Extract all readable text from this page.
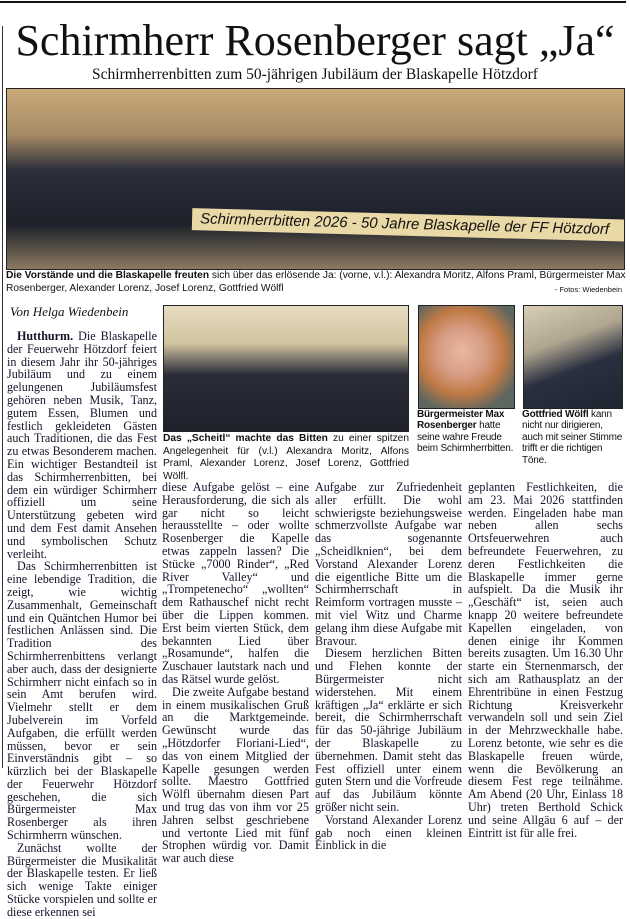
Schirmherr Rosenberger sagt „Ja“
Schirmherrenbitten zum 50-jährigen Jubiläum der Blaskapelle Hötzdorf
Schirmherrbitten 2026 - 50 Jahre Blaskapelle der FF Hötzdorf
Die Vorstände und die Blaskapelle freuten sich über das erlösende Ja: (vorne, v.l.): Alexandra Moritz, Alfons Praml, Bürgermeister Max Rosenberger, Alexander Lorenz, Josef Lorenz, Gottfried Wölfl	- Fotos: Wiedenbein
Von Helga Wiedenbein
Das „Scheitl“ machte das Bitten zu einer spitzen Angelegenheit für (v.l.) Alexandra Moritz, Alfons Praml, Alexander Lorenz, Josef Lorenz, Gottfried Wölfl.
Bürgermeister Max Rosenberger hatte seine wahre Freude beim Schirmherrbitten.
Gottfried Wölfl kann nicht nur dirigieren, auch mit seiner Stimme trifft er die richtigen Töne.

Hutthurm. Die Blaskapelle der Feuerwehr Hötzdorf feiert in diesem Jahr ihr 50-jähriges Jubiläum und zu einem gelungenen Jubiläumsfest gehören neben Musik, Tanz, gutem Essen, Blumen und festlich gekleideten Gästen auch Traditionen, die das Fest zu etwas Besonderem machen. Ein wichtiger Bestandteil ist das Schirmherrenbitten, bei dem ein würdiger Schirmherr offiziell um seine Unterstützung gebeten wird und dem Fest damit Ansehen und symbolischen Schutz verleiht.

Das Schirmherrenbitten ist eine lebendige Tradition, die zeigt, wie wichtig Zusammenhalt, Gemeinschaft und ein Quäntchen Humor bei festlichen Anlässen sind. Die Tradition des Schirmherrenbittens verlangt aber auch, dass der designierte Schirmherr nicht einfach so in sein Amt berufen wird. Vielmehr stellt er dem Jubelverein im Vorfeld Aufgaben, die erfüllt werden müssen, bevor er sein Einverständnis gibt – so kürzlich bei der Blaskapelle der Feuerwehr Hötzdorf geschehen, die sich Bürgermeister Max Rosenberger als ihren Schirmherrn wünschen.

Zunächst wollte der Bürgermeister die Musikalität der Blaskapelle testen. Er ließ sich wenige Takte einiger Stücke vorspielen und sollte er diese erkennen sei

diese Aufgabe gelöst – eine Herausforderung, die sich als gar nicht so leicht herausstellte – oder wollte Rosenberger die Kapelle etwas zappeln lassen? Die Stücke „7000 Rinder“, „Red River Valley“ und „Trompetenecho“ „wollten“ dem Rathauschef nicht recht über die Lippen kommen. Erst beim vierten Stück, dem bekannten Lied über „Rosamunde“, halfen die Zuschauer lautstark nach und das Rätsel wurde gelöst.

Die zweite Aufgabe bestand in einem musikalischen Gruß an die Marktgemeinde. Gewünscht wurde das „Hötzdorfer Floriani-Lied“, das von einem Mitglied der Kapelle gesungen werden sollte. Maestro Gottfried Wölfl übernahm diesen Part und trug das von ihm vor 25 Jahren selbst geschriebene und vertonte Lied mit fünf Strophen würdig vor. Damit war auch diese

Aufgabe zur Zufriedenheit aller erfüllt. Die wohl schwierigste beziehungsweise schmerzvollste Aufgabe war das sogenannte „Scheidlknien“, bei dem Vorstand Alexander Lorenz die eigentliche Bitte um die Schirmherrschaft in Reimform vortragen musste – mit viel Witz und Charme gelang ihm diese Aufgabe mit Bravour.

Diesem herzlichen Bitten und Flehen konnte der Bürgermeister nicht widerstehen. Mit einem kräftigen „Ja“ erklärte er sich bereit, die Schirmherrschaft für das 50-jährige Jubiläum der Blaskapelle zu übernehmen. Damit steht das Fest offiziell unter einem guten Stern und die Vorfreude auf das Jubiläum könnte größer nicht sein.

Vorstand Alexander Lorenz gab noch einen kleinen Einblick in die

geplanten Festlichkeiten, die am 23. Mai 2026 stattfinden werden. Eingeladen habe man neben allen sechs Ortsfeuerwehren auch befreundete Feuerwehren, zu deren Festlichkeiten die Blaskapelle immer gerne aufspielt. Da die Musik ihr „Geschäft“ ist, seien auch knapp 20 weitere befreundete Kapellen eingeladen, von denen einige ihr Kommen bereits zusagten. Um 16.30 Uhr starte ein Sternenmarsch, der sich am Rathausplatz an der Ehrentribüne in einen Festzug Richtung Kreisverkehr verwandeln soll und sein Ziel in der Mehrzweckhalle habe. Lorenz betonte, wie sehr es die Blaskapelle freuen würde, wenn die Bevölkerung an diesem Fest rege teilnähme. Am Abend (20 Uhr, Einlass 18 Uhr) treten Berthold Schick und seine Allgäu 6 auf – der Eintritt ist für alle frei.
